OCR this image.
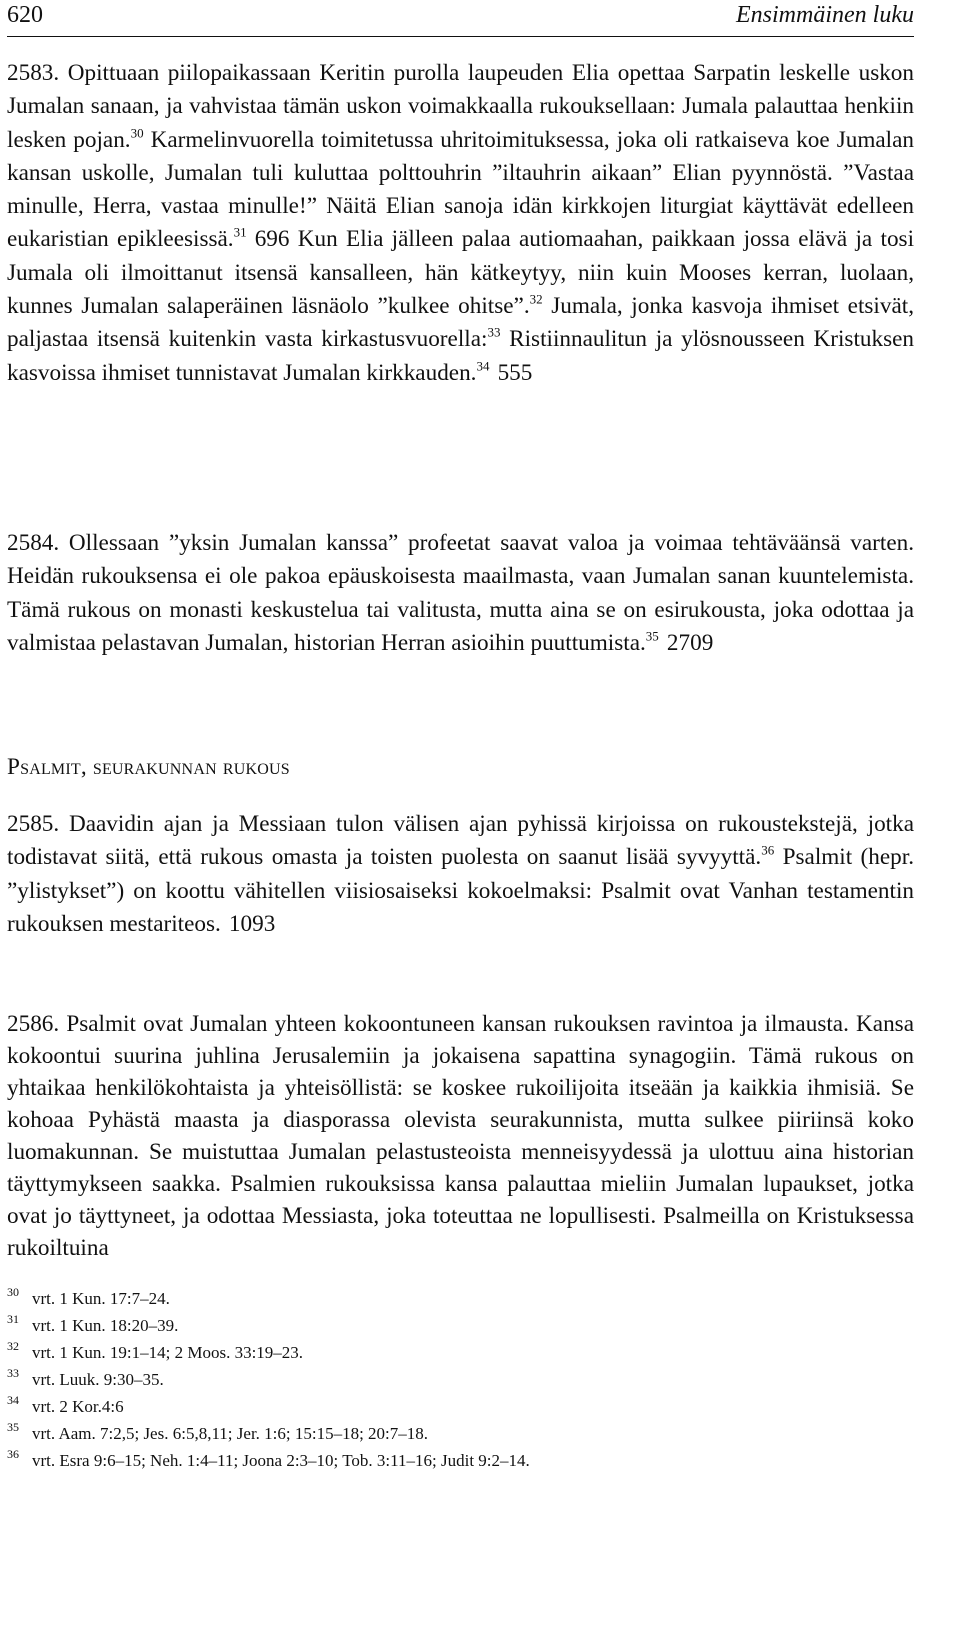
620	Ensimmäinen luku

2583. Opittuaan piilopaikassaan Keritin purolla laupeuden Elia opettaa Sarpatin leskelle uskon Jumalan sanaan, ja vahvistaa tämän uskon voimakkaalla rukouksellaan: Jumala palauttaa henkiin lesken pojan.$^{30}$ Karmelinvuorella toimitetussa uhritoimituksessa, joka oli ratkaiseva koe Jumalan kansan uskolle, Jumalan tuli kuluttaa polttouhrin ”iltauhrin aikaan” Elian pyynnöstä. ”Vastaa minulle, Herra, vastaa minulle!” Näitä Elian sanoja idän kirkkojen liturgiat käyttävät edelleen eukaristian epikleesissä.$^{31}$ 696 Kun Elia jälleen palaa autiomaahan, paikkaan jossa elävä ja tosi Jumala oli ilmoittanut itsensä kansalleen, hän kätkeytyy, niin kuin Mooses kerran, luolaan, kunnes Jumalan salaperäinen läsnäolo ”kulkee ohitse”.$^{32}$ Jumala, jonka kasvoja ihmiset etsivät, paljastaa itsensä kuitenkin vasta kirkastusvuorella:$^{33}$ Ristiinnaulitun ja ylösnousseen Kristuksen kasvoissa ihmiset tunnistavat Jumalan kirkkauden.$^{34}$ 555

2584. Ollessaan ”yksin Jumalan kanssa” profeetat saavat valoa ja voimaa tehtäväänsä varten. Heidän rukouksensa ei ole pakoa epäuskoisesta maailmasta, vaan Jumalan sanan kuuntelemista. Tämä rukous on monasti keskustelua tai valitusta, mutta aina se on esirukousta, joka odottaa ja valmistaa pelastavan Jumalan, historian Herran asioihin puuttumista.$^{35}$ 2709

Psalmit, seurakunnan rukous

2585. Daavidin ajan ja Messiaan tulon välisen ajan pyhissä kirjoissa on rukoustekstejä, jotka todistavat siitä, että rukous omasta ja toisten puolesta on saanut lisää syvyyttä.$^{36}$ Psalmit (hepr. ”ylistykset”) on koottu vähitellen viisiosaiseksi kokoelmaksi: Psalmit ovat Vanhan testamentin rukouksen mestariteos. 1093

2586. Psalmit ovat Jumalan yhteen kokoontuneen kansan rukouksen ravintoa ja ilmausta. Kansa kokoontui suurina juhlina Jerusalemiin ja jokaisena sapattina synagogiin. Tämä rukous on yhtaikaa henkilökohtaista ja yhteisöllistä: se koskee rukoilijoita itseään ja kaikkia ihmisiä. Se kohoaa Pyhästä maasta ja diasporassa olevista seurakunnista, mutta sulkee piiriinsä koko luomakunnan. Se muistuttaa Jumalan pelastusteoista menneisyydessä ja ulottuu aina historian täyttymykseen saakka. Psalmien rukouksissa kansa palauttaa mieliin Jumalan lupaukset, jotka ovat jo täyttyneet, ja odottaa Messiasta, joka toteuttaa ne lopullisesti. Psalmeilla on Kristuksessa rukoiltuina

30 vrt. 1 Kun. 17:7–24.
31 vrt. 1 Kun. 18:20–39.
32 vrt. 1 Kun. 19:1–14; 2 Moos. 33:19–23.
33 vrt. Luuk. 9:30–35.
34 vrt. 2 Kor.4:6
35 vrt. Aam. 7:2,5; Jes. 6:5,8,11; Jer. 1:6; 15:15–18; 20:7–18.
36 vrt. Esra 9:6–15; Neh. 1:4–11; Joona 2:3–10; Tob. 3:11–16; Judit 9:2–14.
